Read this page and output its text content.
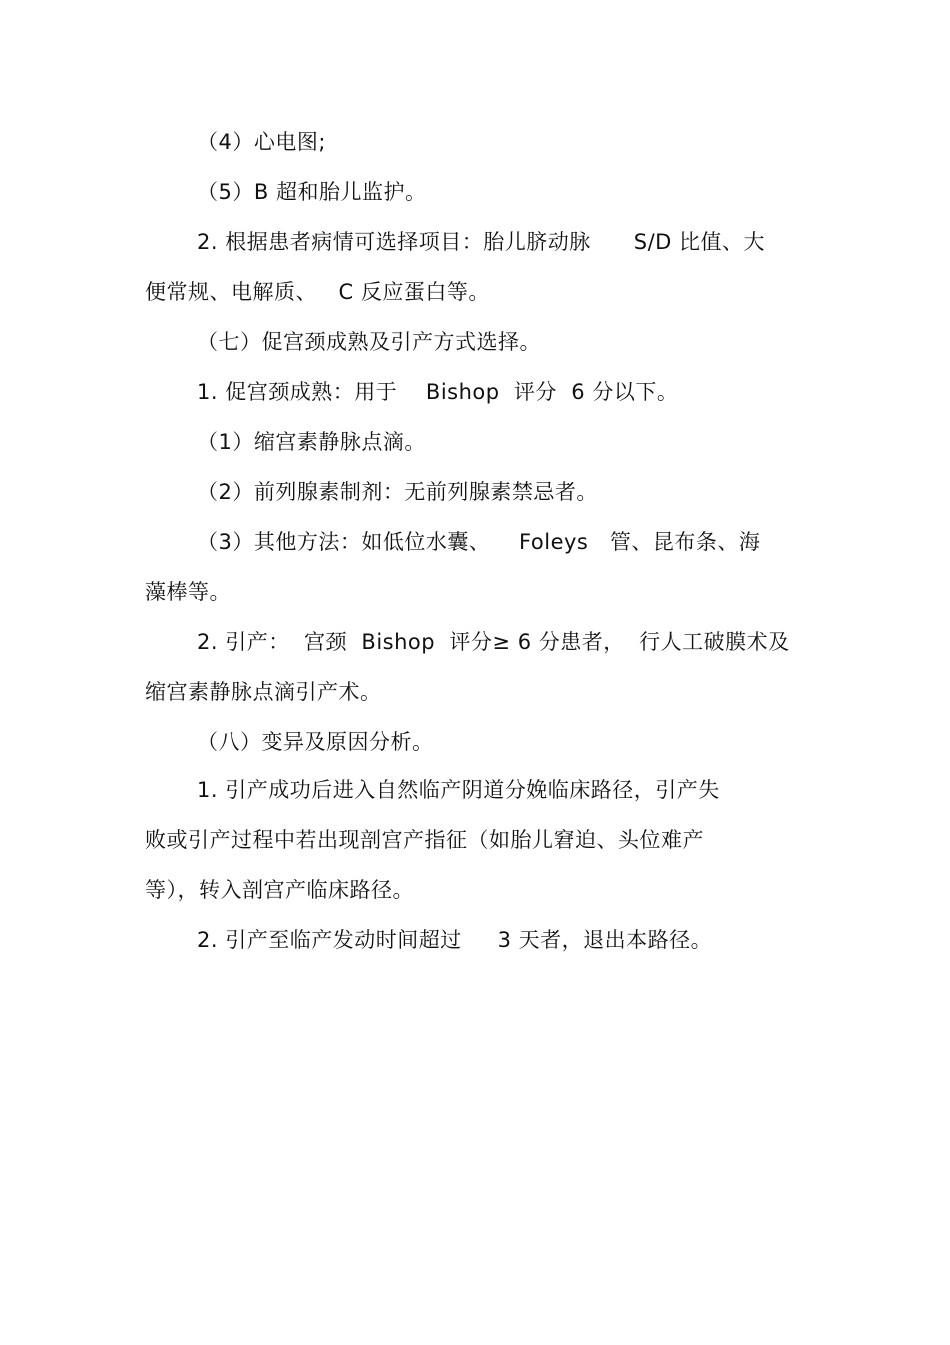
（4）心电图;
（5）B 超和胎儿监护。
2. 根据患者病情可选择项目：胎儿脐动脉      S/D 比值、大
便常规、电解质、   C 反应蛋白等。
（七）促宫颈成熟及引产方式选择。
1. 促宫颈成熟：用于    Bishop  评分  6 分以下。
（1）缩宫素静脉点滴。
（2）前列腺素制剂：无前列腺素禁忌者。
（3）其他方法：如低位水囊、    Foleys   管、昆布条、海
藻棒等。
2. 引产：  宫颈  Bishop  评分≥ 6 分患者，  行人工破膜术及
缩宫素静脉点滴引产术。
（八）变异及原因分析。
1. 引产成功后进入自然临产阴道分娩临床路径，引产失
败或引产过程中若出现剖宫产指征（如胎儿窘迫、头位难产
等），转入剖宫产临床路径。
2. 引产至临产发动时间超过     3 天者，退出本路径。
